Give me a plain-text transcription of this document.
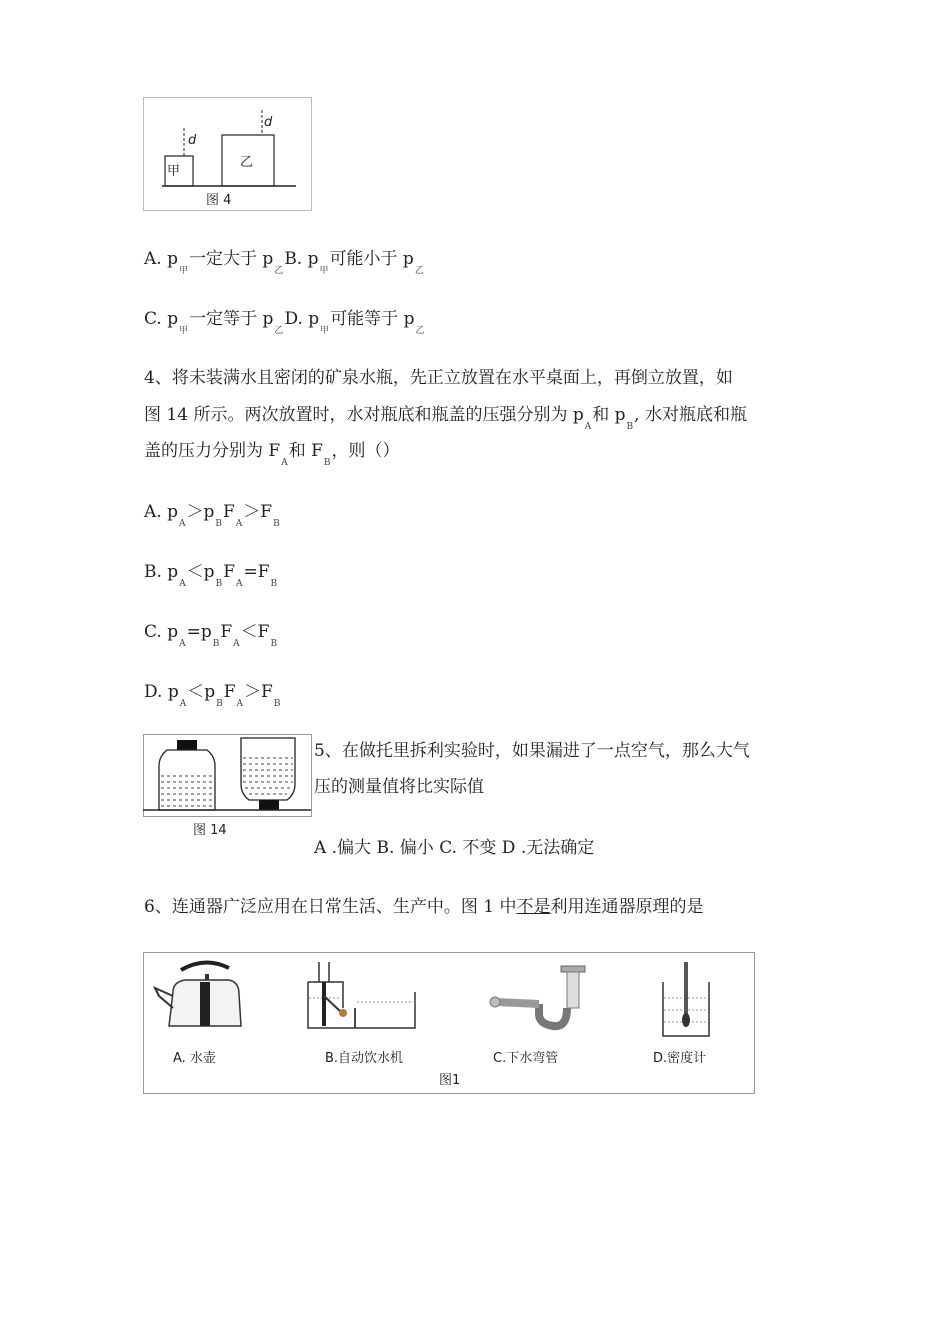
甲
d
乙
d
图 4
A. $p_甲$一定大于 $p_乙B$. $p_甲$可能小于 $p_乙$
C. $p_甲$一定等于 $p_乙D$. $p_甲$可能等于 $p_乙$
4、将未装满水且密闭的矿泉水瓶，先正立放置在水平桌面上，再倒立放置，如
图 14 所示。两次放置时，水对瓶底和瓶盖的压强分别为 $p_A$和 $p_B$, 水对瓶底和瓶
盖的压力分别为 $F_A$和 $F_B$，则（）
A. $p_A>p_BF_A>F_B$
B. $p_A<p_BF_A=F_B$
C. $p_A=p_BF_A<F_B$
D. $p_A<p_BF_A>F_B$
图 14
5、在做托里拆利实验时，如果漏进了一点空气，那么大气
压的测量值将比实际值
A .偏大 B. 偏小 C. 不变 D .无法确定
6、连通器广泛应用在日常生活、生产中。图 1 中不是利用连通器原理的是
A. 水壶	B.自动饮水机	C.下水弯管	D.密度计
图1
